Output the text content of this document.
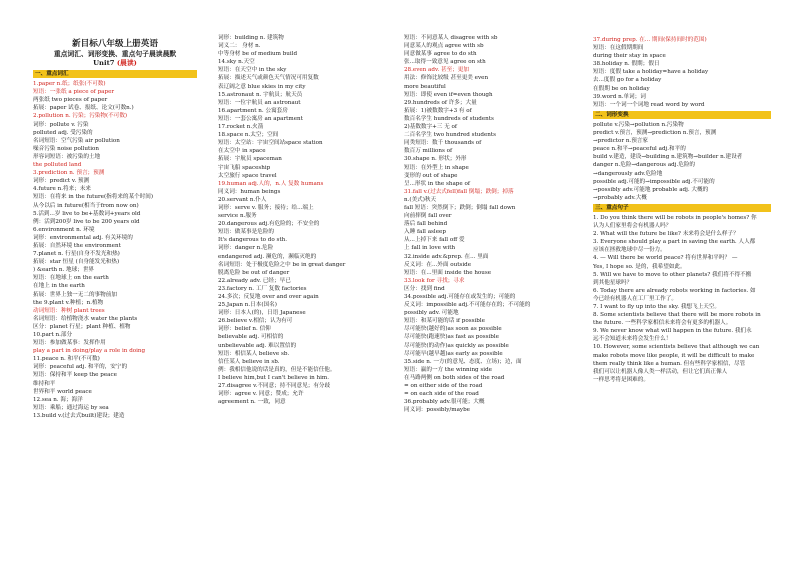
新目标八年级上册英语
重点词汇、词形变换、重点句子晨读晨默
Unit7 (晨读)
一、重点词汇
1.paper n.纸；纸张(不可数)
短语：一张纸 a piece of paper
两张纸 two pieces of paper
拓展：paper 试卷、报纸、论文(可数n.)
2.pollution n. 污染；污染物(不可数)
词形：pollute v. 污染
polluted adj. 受污染的
名词短语：空气污染 air pollution
噪音污染 noise pollution
形容词短语：被污染的土地
the polluted land
3.prediction n. 预言；预测
词形：predict v. 预测
4.future n.将来；未来
短语：在将来 in the future(指将来的某个时间)
从今以后 in future(相当于from now on)
5.活到...岁 live to be+基数词+years old
例：活到200岁 live to be 200 years old
6.environment n. 环境
词形：environmental adj. 有关环境的
拓展：自然环境 the environment
7.planet n. 行星(自身不发光和热)
拓展：star 恒星 (自身能发光和热)
) &earth n. 地球；世界
短语：在地球上 on the earth
在地上 in the earth
拓展：世界上独一无二的事物前加
the 9.plant v.种植；n.植物
动词短语：种树 plant trees
名词短语：给植物浇水 water the plants
区分：planet 行星；plant 种植、植物
10.part n.部分
短语：参加做某事：发挥作用
play a part in doing/play a role in doing
11.peace n. 和平(不可数)
词形：peaceful adj. 和平的，安宁的
短语：保持和平 keep the peace
维持和平
世界和平 world peace
12.sea n. 海；海洋
短语：乘船；通过海运 by sea
13.build v.(过去式built)建设；建造
词形：building n. 建筑物
词义二： 身材 n.
中等身材 be of medium build
14.sky n.天空
短语：在天空中 in the sky
拓展：描述天气或颜色天气情况可用复数
表辽阔之意 blue skies in my city
15.astronaut n. 宇航员；航天员
短语：一位宇航员 an astronaut
16.apartment n. 公寓套房
短语：一套公寓房 an apartment
17.rocket n.火箭
18.space n.太空；空间
短语：太空站：宇宙空间站space station
在太空中 in space
拓展：宇航员 spaceman
宇宙飞船 spaceship
太空旅行 space travel
19.human adj.人的，n.人 复数 humans
同义词：human beings
20.servant n.仆人
词形：serve v. 服务；接待；给...端上
service n.服务
20.dangerous adj.有危险的；不安全的
短语：做某事是危险的
It's dangerous to do sth.
词形：danger n.危险
endangered adj. 濒危的，濒临灭绝的
名词短语：处于极度危险之中 be in great danger
脱离危险 be out of danger
22.already adv. 已经；早已
23.factory n. 工厂 复数 factories
24.多次；反复地 over and over again
25.Japan n.日本(国名)
词形：日本人(的)，日语 Japanese
26.believe v.相信；认为有可
词形：belief n. 信仰
believable adj. 可相信的
unbelievable adj. 难以置信的
短语：相信某人 believe sb.
信任某人 believe in sb.
例：我相信他说的话是真的，但是不能信任他。
I believe him,but I can't believe in him.
27.disagree v.不同意；持不同意见；有分歧
词形：agree v. 同意；赞成；允许
agreement n. 一致，同意
短语：不同意某人 disagree with sb
同意某人的观点 agree with sb
同意做某事 agree to do sth
张...取得一致意见 agree on sth
28.even adv. 甚至；更加
用法：修饰比较级 甚至更美 even
more beautiful
短语：即使 even if=even though
29.hundreds of 许多；大量
拓展：1)被数数字+3 有 of
数百名学生 hundreds of students
2)基数数字+三 无 of
二百名学生 two hundred students
同类短语：数千 thousands of
数百万 millions of
30.shape n. 形状；外形
短语：在外型上 in shape
变形的 out of shape
呈...形状 in the shape of
31.fall v.(过去式fell)fall 倒塌；跌倒；掉落
n.(美式)秋天
fall 短语：突然倒下；跌倒；倒塌 fall down
向前摔倒 fall over
落后 fall behind
入睡 fall asleep
从...上掉下来 fall off 爱
上 fall in love with
32.inside adv.&prep. 在... 里面
反义词：在...外面 outside
短语：在...里面 inside the house
33.look for 寻找；寻求
区分：找到 find
34.possible adj.可能存在或发生的；可能的
反义词：impossible adj.不可能存在的；不可能的
possibly adv. 可能地
短语：和某可能的话 if possible
尽可能快(越好的)as soon as possible
尽可能快(跑速快)as fast as possible
尽可能快(的动作)as quickly as possible
尽可能早(越早越)as early as possible
35.side n. 一方(的意见、态度、立场)；边，面
短语：赢的一方 the winning side
在马路两侧 on both sides of the road
= on either side of the road
= on each side of the road
36.probably adv.很可能；大概
同义词：possibly/maybe
37.during prep. 在... 期间(保持间时的范围)
短语：在这假期期间
during their stay in space
38.holiday n. 假期；假日
短语：度假 take a holiday=have a holiday
去...度假 go for a holiday
在假期 be on holiday
39.word n.单词；词
短语：一个词一个词地 read word by word
二、词形变换
pollute v.污染→pollution n.污染物
predict v.预言，预测→prediction n.预言，预测
→predictor n.预言家
peace n.和平→peaceful adj.和平的
build v.建造，建设→building n.建筑物→builder n.建设者
danger n.危险→dangerous adj.危险的
→dangerously adv.危险地
possible adj.可能的→impossible adj.不可能的
→possibly adv.可能地 probable adj. 大概的
→probably adv.大概
三、重点句子
1. Do you think there will be robots in people's homes? 你
认为人们家里将会有机器人吗？
2. What will the future be like? 未来将会是什么样子？
3. Everyone should play a part in saving the earth. 人人都
应该在拯救地球中尽一份力。
4. — Will there be world peace? 将有世界和平吗？ —
Yes, I hope so. 是的，我希望如此。
5. Will we have to move to other planets? 我们将不得不搬
到其他星球吗？
6. Today there are already robots working in factories. 如
今已经有机器人在工厂里工作了。
7. I want to fly up into the sky. 我想飞上天空。
8. Some scientists believe that there will be more robots in
the future. 一些科学家相信未来将会有更多的机器人。
9. We never know what will happen in the future. 我们永
远不会知道未来将会发生什么！
10. However, some scientists believe that although we can
make robots move like people, it will be difficult to make
them really think like a human. 但有些科学家相信，尽管
我们可以让机器人像人类一样活动，但让它们真正像人
一样思考将是困难的。
